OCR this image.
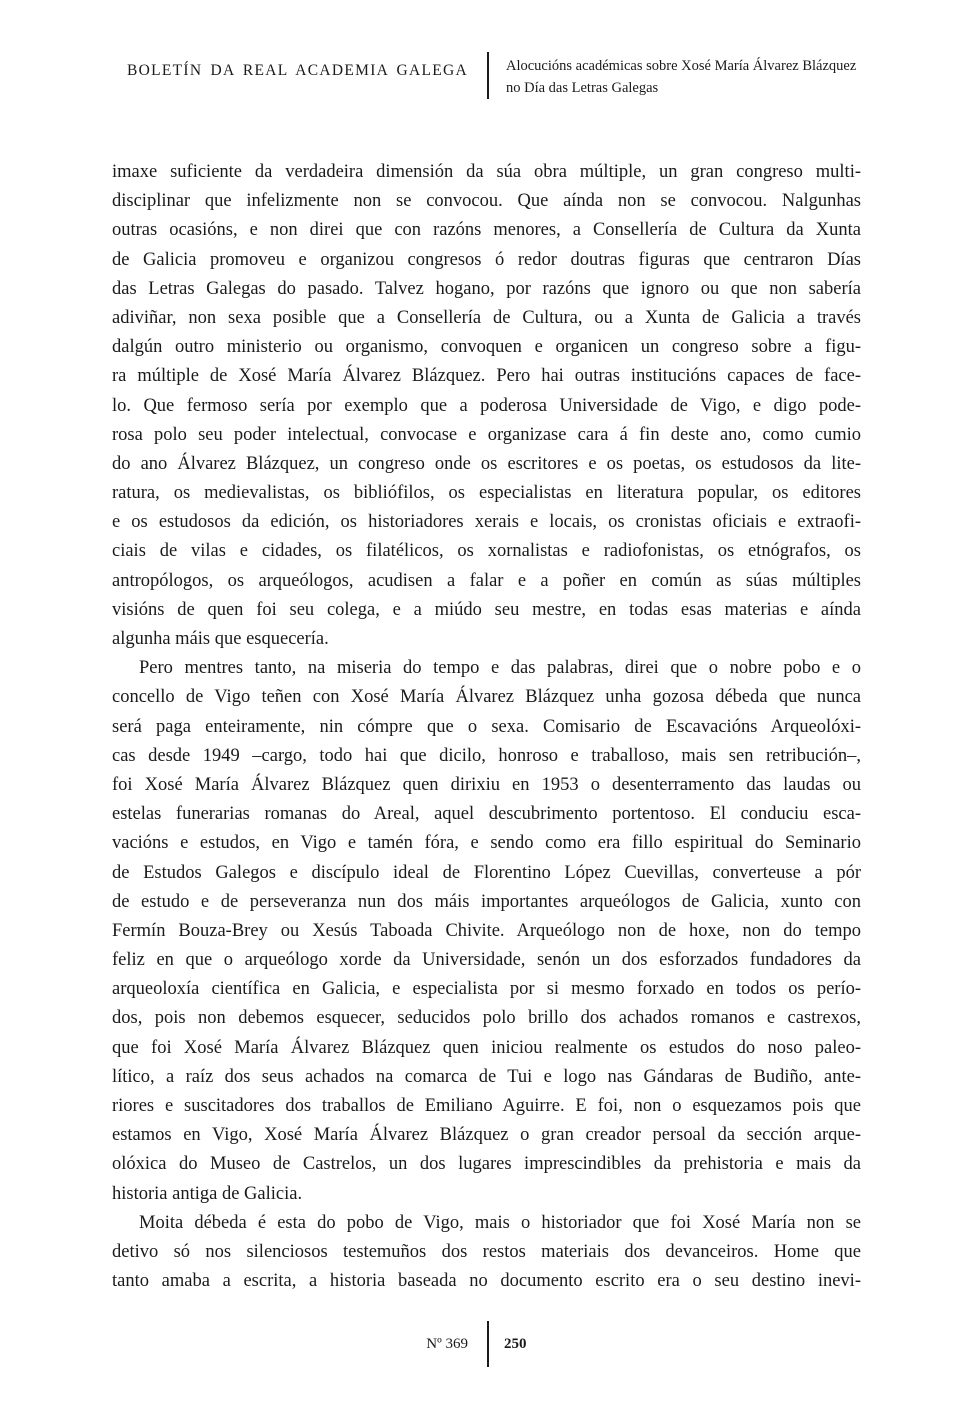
BOLETÍN DA REAL ACADEMIA GALEGA	Alocucións académicas sobre Xosé María Álvarez Blázquez
no Día das Letras Galegas
imaxe suficiente da verdadeira dimensión da súa obra múltiple, un gran congreso multi-
disciplinar que infelizmente non se convocou. Que aínda non se convocou. Nalgunhas
outras ocasións, e non direi que con razóns menores, a Consellería de Cultura da Xunta
de Galicia promoveu e organizou congresos ó redor doutras figuras que centraron Días
das Letras Galegas do pasado. Talvez hogano, por razóns que ignoro ou que non sabería
adiviñar, non sexa posible que a Consellería de Cultura, ou a Xunta de Galicia a través
dalgún outro ministerio ou organismo, convoquen e organicen un congreso sobre a figu-
ra múltiple de Xosé María Álvarez Blázquez. Pero hai outras institucións capaces de face-
lo. Que fermoso sería por exemplo que a poderosa Universidade de Vigo, e digo pode-
rosa polo seu poder intelectual, convocase e organizase cara á fin deste ano, como cumio
do ano Álvarez Blázquez, un congreso onde os escritores e os poetas, os estudosos da lite-
ratura, os medievalistas, os bibliófilos, os especialistas en literatura popular, os editores
e os estudosos da edición, os historiadores xerais e locais, os cronistas oficiais e extraofi-
ciais de vilas e cidades, os filatélicos, os xornalistas e radiofonistas, os etnógrafos, os
antropólogos, os arqueólogos, acudisen a falar e a poñer en común as súas múltiples
visións de quen foi seu colega, e a miúdo seu mestre, en todas esas materias e aínda
algunha máis que esquecería.
Pero mentres tanto, na miseria do tempo e das palabras, direi que o nobre pobo e o
concello de Vigo teñen con Xosé María Álvarez Blázquez unha gozosa débeda que nunca
será paga enteiramente, nin cómpre que o sexa. Comisario de Escavacións Arqueolóxi-
cas desde 1949 –cargo, todo hai que dicilo, honroso e traballoso, mais sen retribución–,
foi Xosé María Álvarez Blázquez quen dirixiu en 1953 o desenterramento das laudas ou
estelas funerarias romanas do Areal, aquel descubrimento portentoso. El conduciu esca-
vacións e estudos, en Vigo e tamén fóra, e sendo como era fillo espiritual do Seminario
de Estudos Galegos e discípulo ideal de Florentino López Cuevillas, converteuse a pór
de estudo e de perseveranza nun dos máis importantes arqueólogos de Galicia, xunto con
Fermín Bouza-Brey ou Xesús Taboada Chivite. Arqueólogo non de hoxe, non do tempo
feliz en que o arqueólogo xorde da Universidade, senón un dos esforzados fundadores da
arqueoloxía científica en Galicia, e especialista por si mesmo forxado en todos os perío-
dos, pois non debemos esquecer, seducidos polo brillo dos achados romanos e castrexos,
que foi Xosé María Álvarez Blázquez quen iniciou realmente os estudos do noso paleo-
lítico, a raíz dos seus achados na comarca de Tui e logo nas Gándaras de Budiño, ante-
riores e suscitadores dos traballos de Emiliano Aguirre. E foi, non o esquezamos pois que
estamos en Vigo, Xosé María Álvarez Blázquez o gran creador persoal da sección arque-
olóxica do Museo de Castrelos, un dos lugares imprescindibles da prehistoria e mais da
historia antiga de Galicia.
Moita débeda é esta do pobo de Vigo, mais o historiador que foi Xosé María non se
detivo só nos silenciosos testemuños dos restos materiais dos devanceiros. Home que
tanto amaba a escrita, a historia baseada no documento escrito era o seu destino inevi-
Nº 369 250
